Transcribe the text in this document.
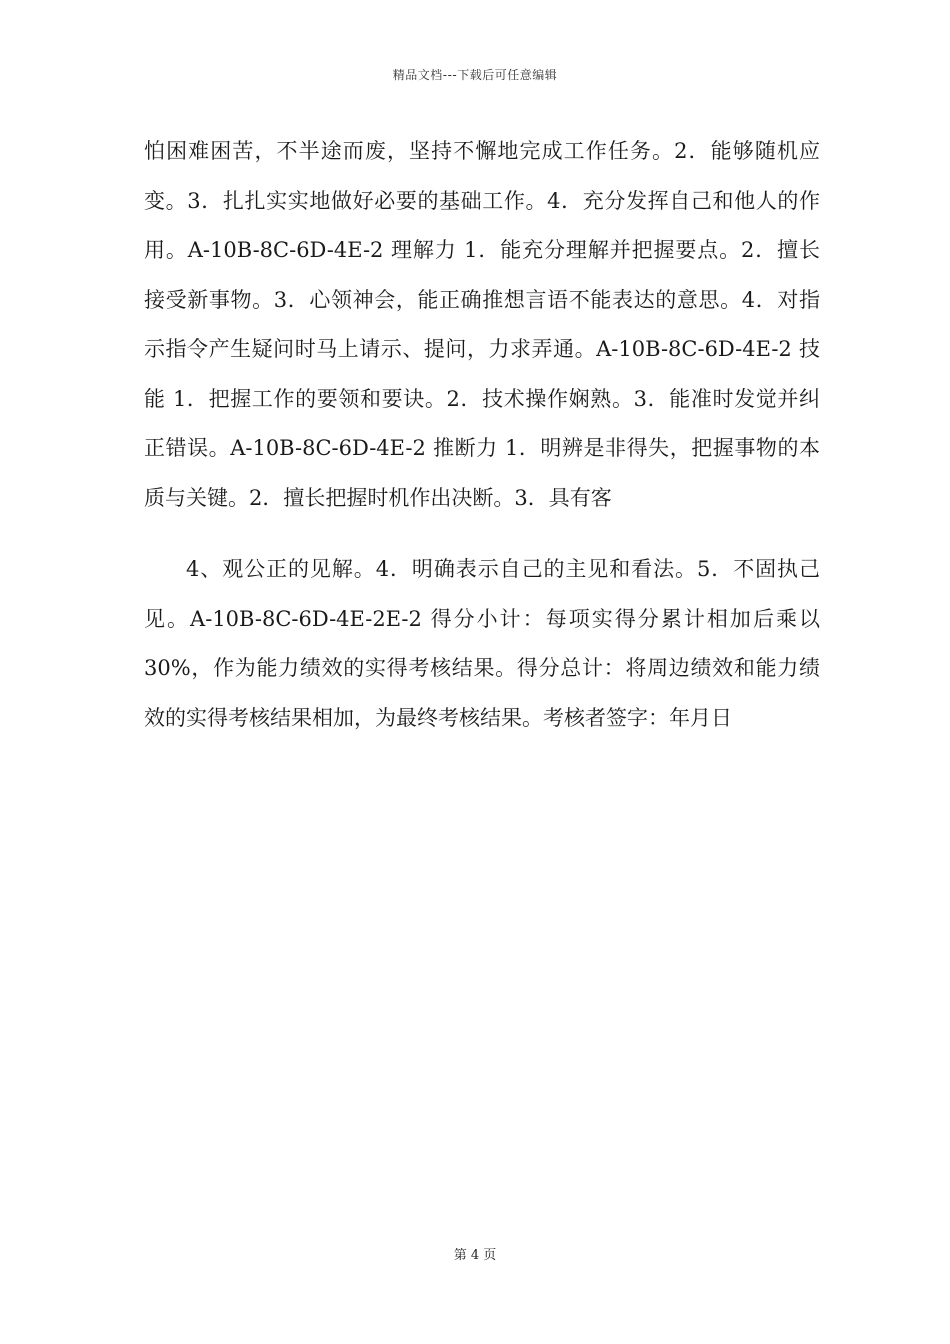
精品文档---下载后可任意编辑

怕困难困苦，不半途而废，坚持不懈地完成工作任务。2．能够随机应变。3．扎扎实实地做好必要的基础工作。4．充分发挥自己和他人的作用。A-10B-8C-6D-4E-2 理解力 1．能充分理解并把握要点。2．擅长接受新事物。3．心领神会，能正确推想言语不能表达的意思。4．对指示指令产生疑问时马上请示、提问，力求弄通。A-10B-8C-6D-4E-2 技能 1．把握工作的要领和要诀。2．技术操作娴熟。3．能准时发觉并纠正错误。A-10B-8C-6D-4E-2 推断力 1．明辨是非得失，把握事物的本质与关键。2．擅长把握时机作出决断。3．具有客

4、观公正的见解。4．明确表示自己的主见和看法。5．不固执己见。A-10B-8C-6D-4E-2E-2 得分小计：每项实得分累计相加后乘以 30%，作为能力绩效的实得考核结果。得分总计：将周边绩效和能力绩效的实得考核结果相加，为最终考核结果。考核者签字：年月日

第 4 页
